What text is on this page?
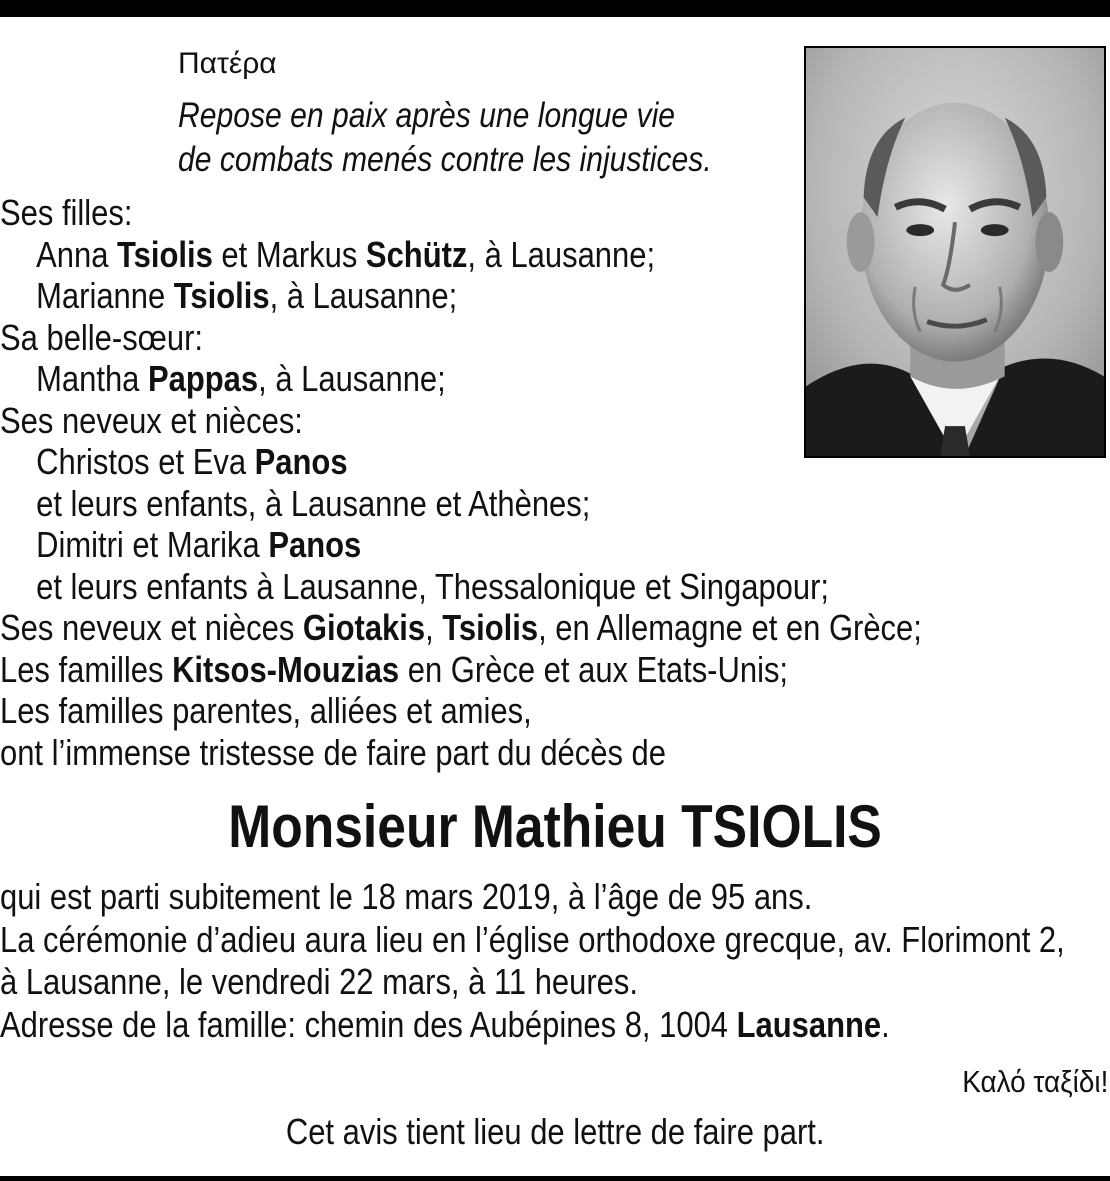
Πατέρα
Repose en paix après une longue vie
de combats menés contre les injustices.
Ses filles:
Anna Tsiolis et Markus Schütz, à Lausanne;
Marianne Tsiolis, à Lausanne;
Sa belle-sœur:
Mantha Pappas, à Lausanne;
Ses neveux et nièces:
Christos et Eva Panos
et leurs enfants, à Lausanne et Athènes;
Dimitri et Marika Panos
et leurs enfants à Lausanne, Thessalonique et Singapour;
Ses neveux et nièces Giotakis, Tsiolis, en Allemagne et en Grèce;
Les familles Kitsos-Mouzias en Grèce et aux Etats-Unis;
Les familles parentes, alliées et amies,
ont l’immense tristesse de faire part du décès de
Monsieur Mathieu TSIOLIS
qui est parti subitement le 18 mars 2019, à l’âge de 95 ans.
La cérémonie d’adieu aura lieu en l’église orthodoxe grecque, av. Florimont 2,
à Lausanne, le vendredi 22 mars, à 11 heures.
Adresse de la famille: chemin des Aubépines 8, 1004 Lausanne.
Καλό ταξίδι!
Cet avis tient lieu de lettre de faire part.
